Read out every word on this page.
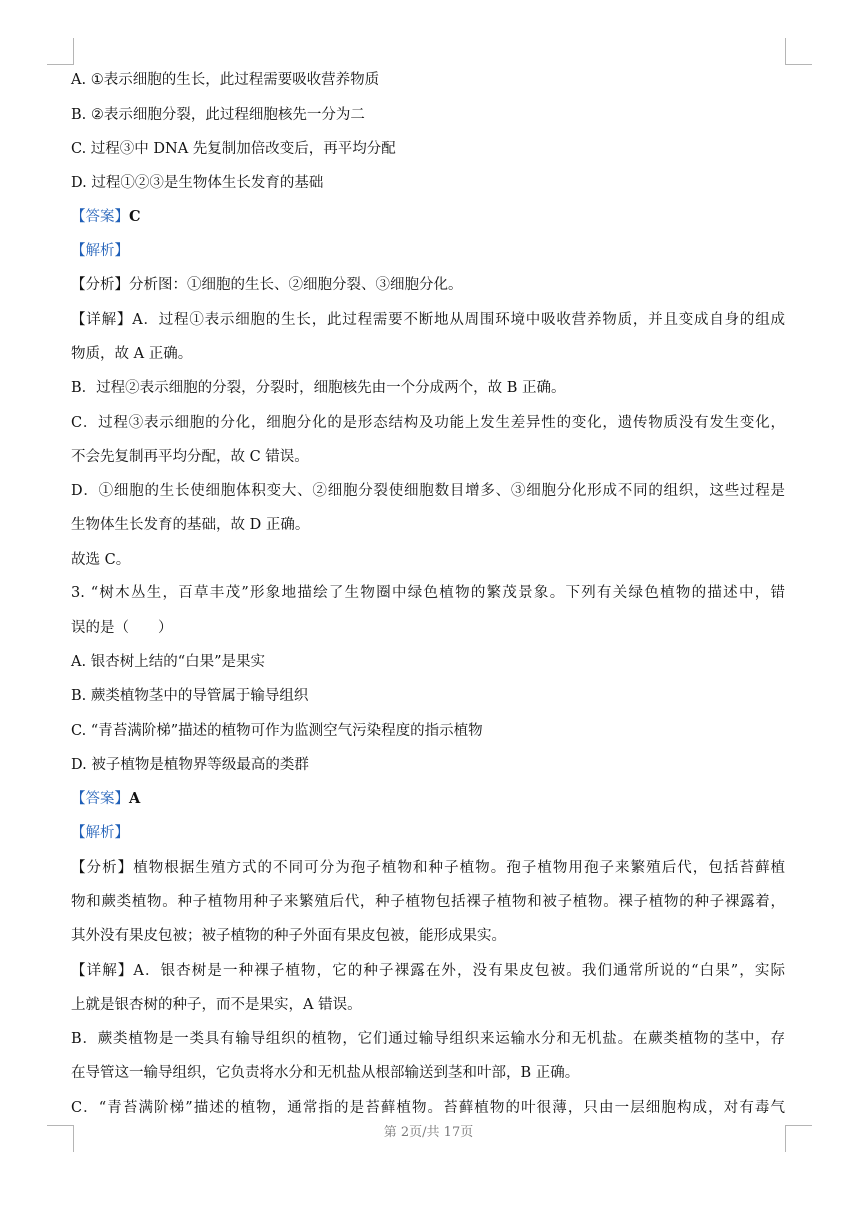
A. ①表示细胞的生长，此过程需要吸收营养物质
B. ②表示细胞分裂，此过程细胞核先一分为二
C. 过程③中 DNA 先复制加倍改变后，再平均分配
D. 过程①②③是生物体生长发育的基础
【答案】C
【解析】
【分析】分析图：①细胞的生长、②细胞分裂、③细胞分化。
【详解】A．过程①表示细胞的生长，此过程需要不断地从周围环境中吸收营养物质，并且变成自身的组成
物质，故 A 正确。
B．过程②表示细胞的分裂，分裂时，细胞核先由一个分成两个，故 B 正确。
C．过程③表示细胞的分化，细胞分化的是形态结构及功能上发生差异性的变化，遗传物质没有发生变化，
不会先复制再平均分配，故 C 错误。
D．①细胞的生长使细胞体积变大、②细胞分裂使细胞数目增多、③细胞分化形成不同的组织，这些过程是
生物体生长发育的基础，故 D 正确。
故选 C。
3. “树木丛生，百草丰茂”形象地描绘了生物圈中绿色植物的繁茂景象。下列有关绿色植物的描述中，错
误的是（　　）
A. 银杏树上结的“白果”是果实
B. 蕨类植物茎中的导管属于输导组织
C. “青苔满阶梯”描述的植物可作为监测空气污染程度的指示植物
D. 被子植物是植物界等级最高的类群
【答案】A
【解析】
【分析】植物根据生殖方式的不同可分为孢子植物和种子植物。孢子植物用孢子来繁殖后代，包括苔藓植
物和蕨类植物。种子植物用种子来繁殖后代，种子植物包括裸子植物和被子植物。裸子植物的种子裸露着，
其外没有果皮包被；被子植物的种子外面有果皮包被，能形成果实。
【详解】A．银杏树是一种裸子植物，它的种子裸露在外，没有果皮包被。我们通常所说的“白果”，实际
上就是银杏树的种子，而不是果实，A 错误。
B．蕨类植物是一类具有输导组织的植物，它们通过输导组织来运输水分和无机盐。在蕨类植物的茎中，存
在导管这一输导组织，它负责将水分和无机盐从根部输送到茎和叶部，B 正确。
C．“青苔满阶梯”描述的植物，通常指的是苔藓植物。苔藓植物的叶很薄，只由一层细胞构成，对有毒气
第 2页/共 17页
